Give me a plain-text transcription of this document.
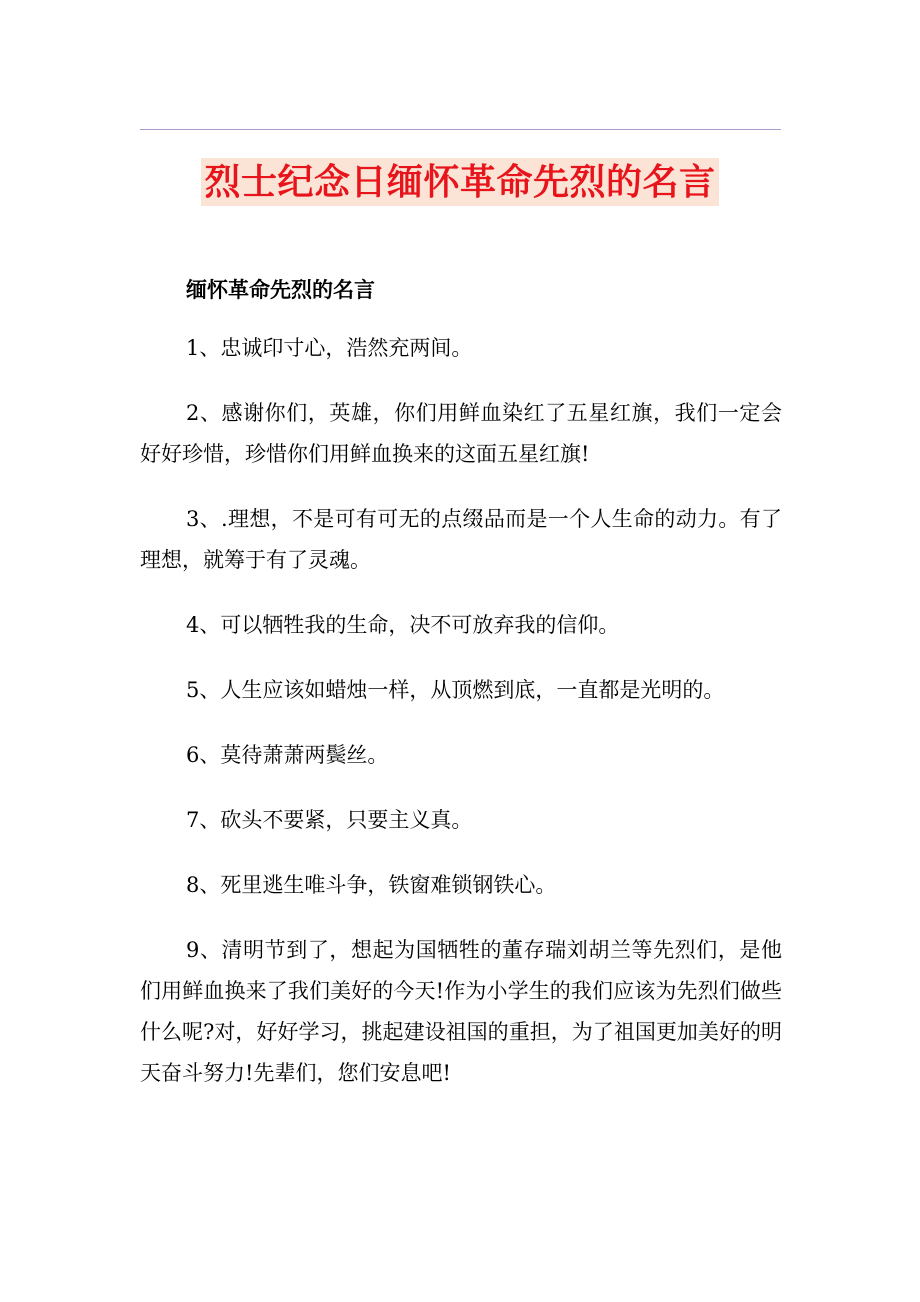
烈士纪念日缅怀革命先烈的名言
缅怀革命先烈的名言

1、忠诚印寸心，浩然充两间。

2、感谢你们，英雄，你们用鲜血染红了五星红旗，我们一定会好好珍惜，珍惜你们用鲜血换来的这面五星红旗!

3、.理想，不是可有可无的点缀品而是一个人生命的动力。有了理想，就筹于有了灵魂。

4、可以牺牲我的生命，决不可放弃我的信仰。

5、人生应该如蜡烛一样，从顶燃到底，一直都是光明的。

6、莫待萧萧两鬓丝。

7、砍头不要紧，只要主义真。

8、死里逃生唯斗争，铁窗难锁钢铁心。

9、清明节到了，想起为国牺牲的董存瑞刘胡兰等先烈们，是他们用鲜血换来了我们美好的今天!作为小学生的我们应该为先烈们做些什么呢?对，好好学习，挑起建设祖国的重担，为了祖国更加美好的明天奋斗努力!先辈们，您们安息吧!
